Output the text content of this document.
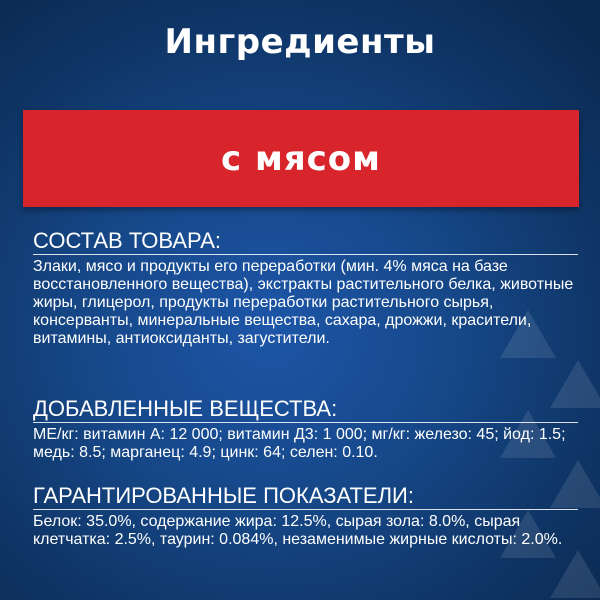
Ингредиенты
с мясом
СОСТАВ ТОВАРА:
Злаки, мясо и продукты его переработки (мин. 4% мяса на базе восстановленного вещества), экстракты растительного белка, животные жиры, глицерол, продукты переработки растительного сырья, консерванты, минеральные вещества, сахара, дрожжи, красители, витамины, антиоксиданты, загустители.
ДОБАВЛЕННЫЕ ВЕЩЕСТВА:
МЕ/кг: витамин А: 12 000; витамин Д3: 1 000; мг/кг: железо: 45; йод: 1.5; медь: 8.5; марганец: 4.9; цинк: 64; селен: 0.10.
ГАРАНТИРОВАННЫЕ ПОКАЗАТЕЛИ:
Белок: 35.0%, содержание жира: 12.5%, сырая зола: 8.0%, сырая клетчатка: 2.5%, таурин: 0.084%, незаменимые жирные кислоты: 2.0%.
